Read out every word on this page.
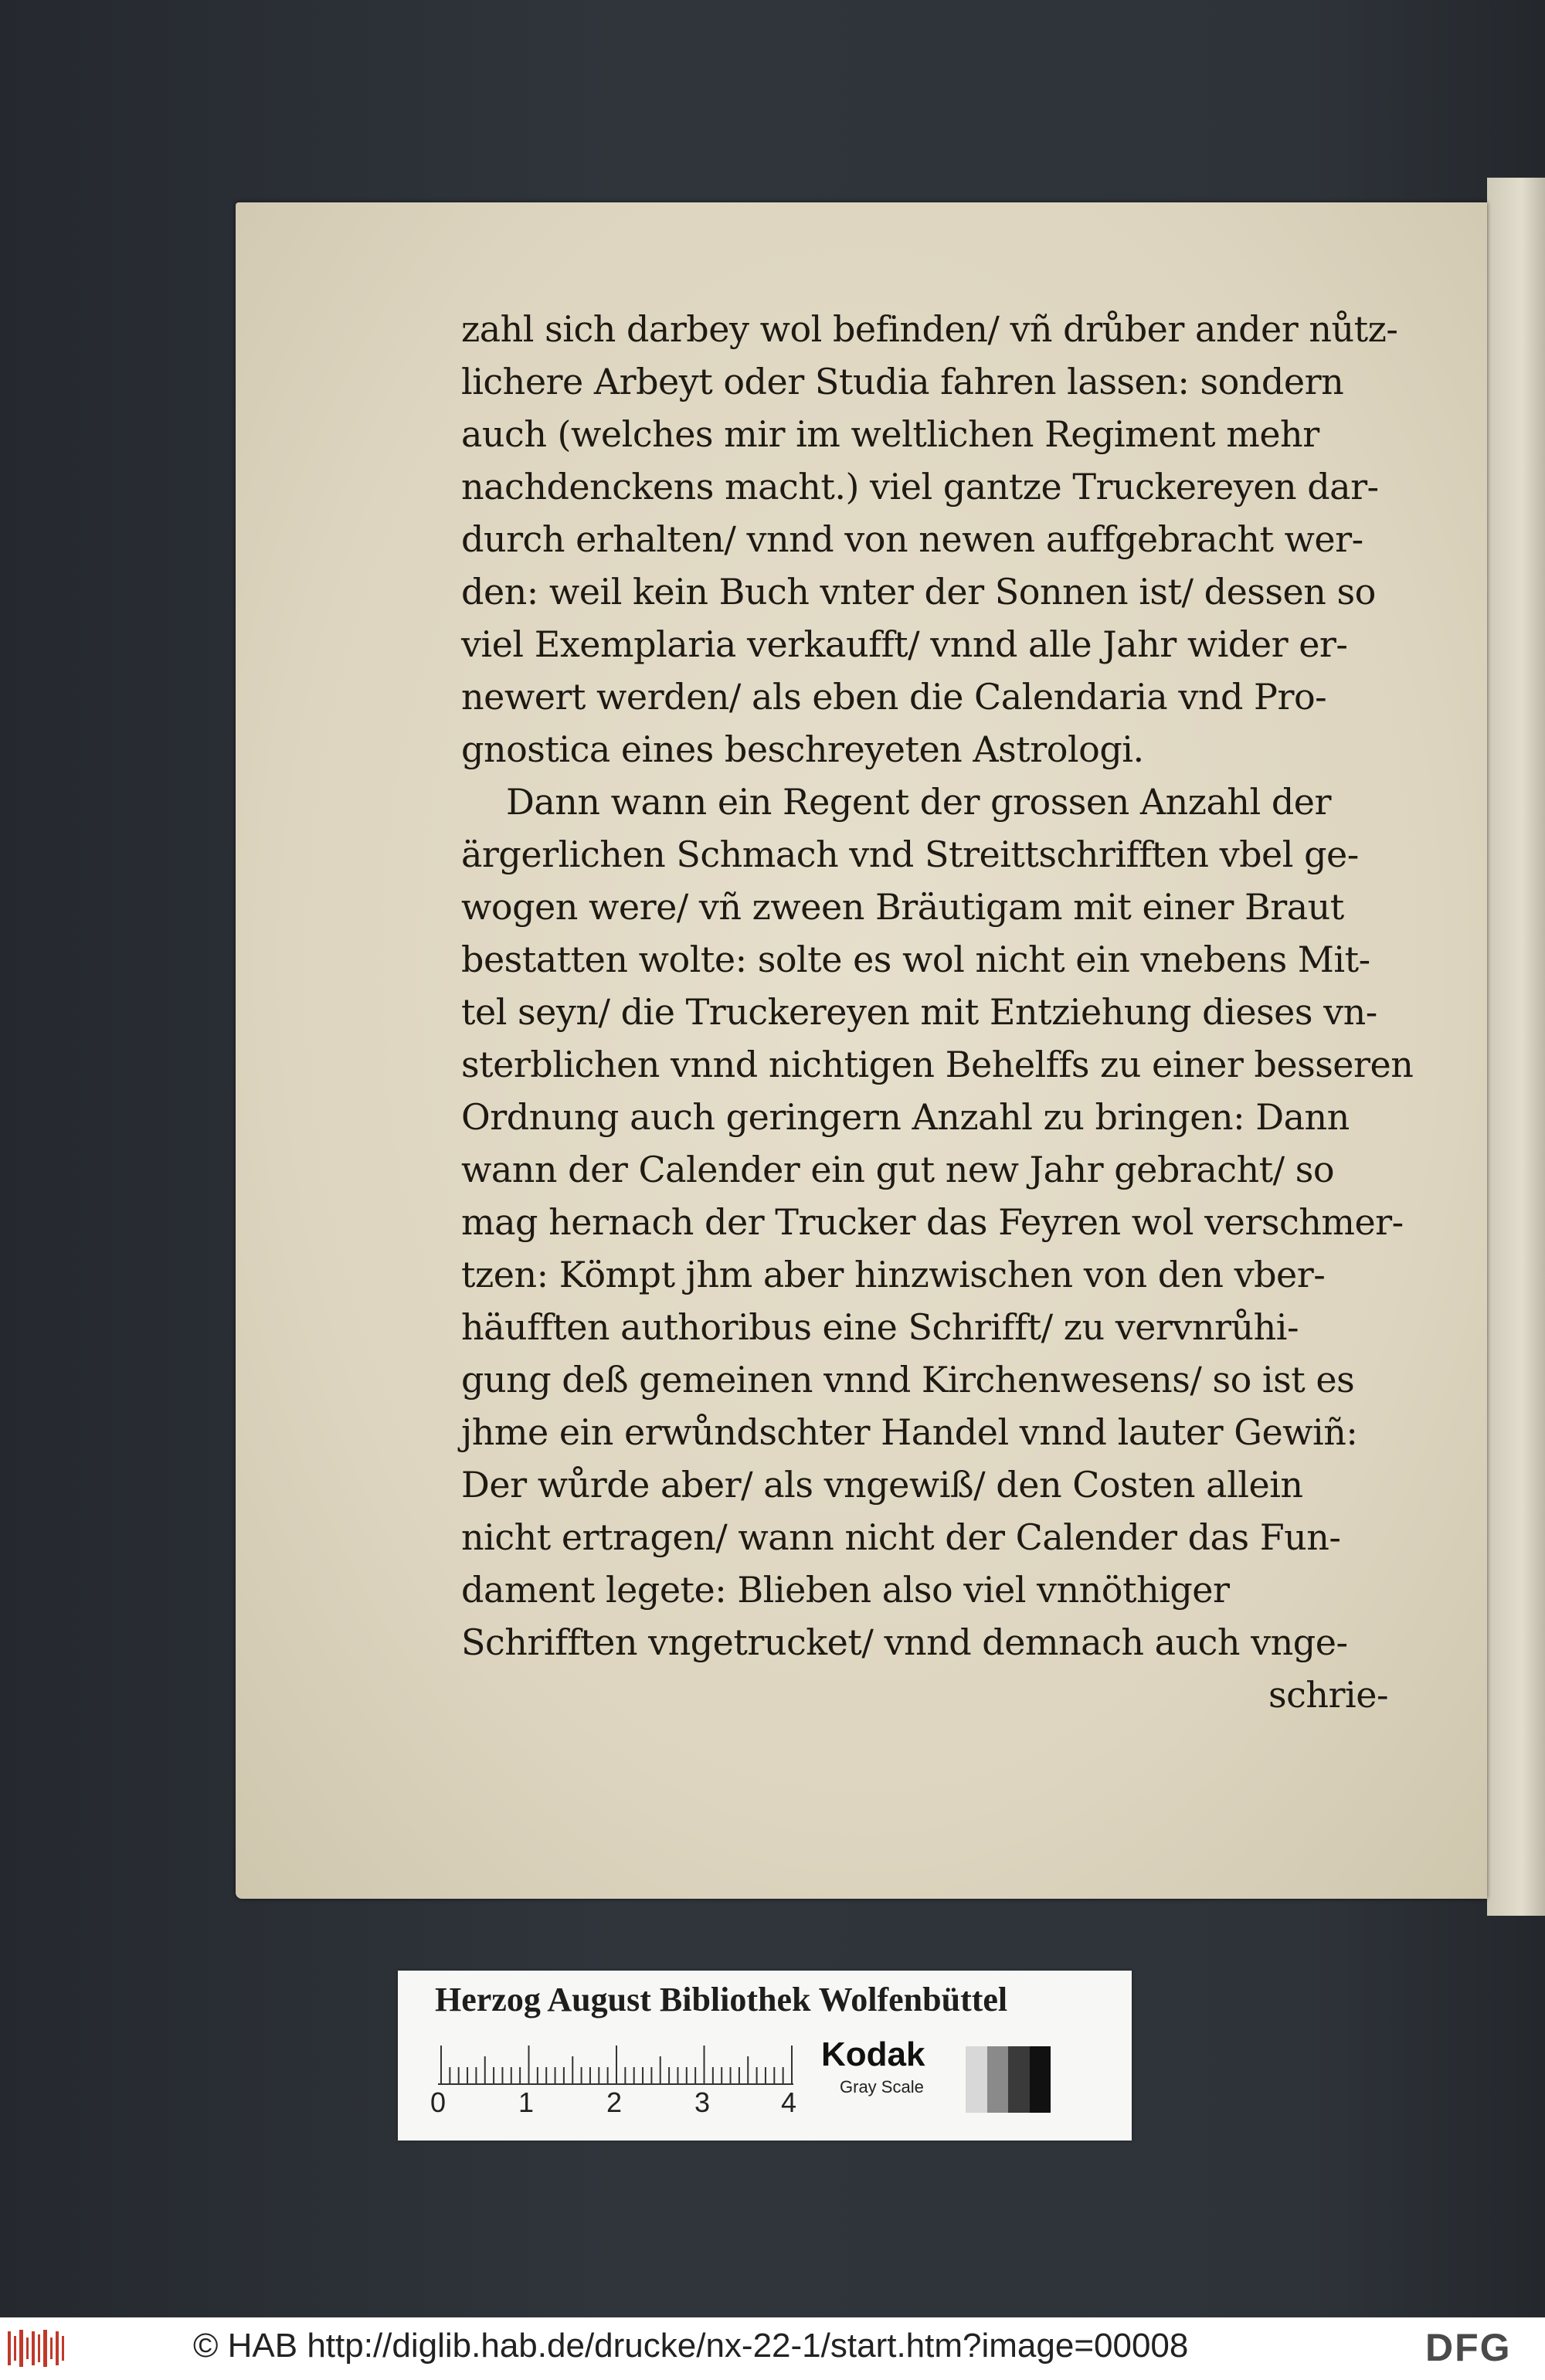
zahl sich darbey wol befinden/ vñ drůber ander nůtz-
lichere Arbeyt oder Studia fahren lassen: sondern
auch (welches mir im weltlichen Regiment mehr
nachdenckens macht.) viel gantze Truckereyen dar-
durch erhalten/ vnnd von newen auffgebracht wer-
den: weil kein Buch vnter der Sonnen ist/ dessen so
viel Exemplaria verkaufft/ vnnd alle Jahr wider er-
newert werden/ als eben die Calendaria vnd Pro-
gnostica eines beschreyeten Astrologi.
Dann wann ein Regent der grossen Anzahl der
ärgerlichen Schmach vnd Streittschrifften vbel ge-
wogen were/ vñ zween Bräutigam mit einer Braut
bestatten wolte: solte es wol nicht ein vnebens Mit-
tel seyn/ die Truckereyen mit Entziehung dieses vn-
sterblichen vnnd nichtigen Behelffs zu einer besseren
Ordnung auch geringern Anzahl zu bringen: Dann
wann der Calender ein gut new Jahr gebracht/ so
mag hernach der Trucker das Feyren wol verschmer-
tzen: Kömpt jhm aber hinzwischen von den vber-
häufften authoribus eine Schrifft/ zu vervnrůhi-
gung deß gemeinen vnnd Kirchenwesens/ so ist es
jhme ein erwůndschter Handel vnnd lauter Gewiñ:
Der wůrde aber/ als vngewiß/ den Costen allein
nicht ertragen/ wann nicht der Calender das Fun-
dament legete: Blieben also viel vnnöthiger
Schrifften vngetrucket/ vnnd demnach auch vnge-
schrie-
Herzog August Bibliothek Wolfenbüttel
0	1	2	3	4
Kodak
Gray Scale
© HAB http://diglib.hab.de/drucke/nx-22-1/start.htm?image=00008	DFG
